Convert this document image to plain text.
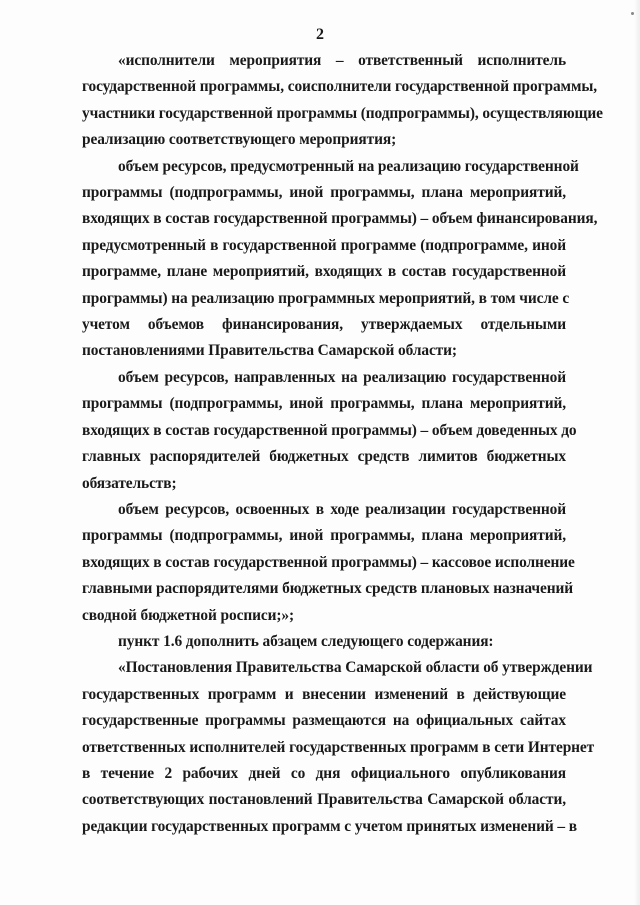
2
«исполнители мероприятия – ответственный исполнитель
государственной программы, соисполнители государственной программы,
участники государственной программы (подпрограммы), осуществляющие
реализацию соответствующего мероприятия;
объем ресурсов, предусмотренный на реализацию государственной
программы (подпрограммы, иной программы, плана мероприятий,
входящих в состав государственной программы) – объем финансирования,
предусмотренный в государственной программе (подпрограмме, иной
программе, плане мероприятий, входящих в состав государственной
программы) на реализацию программных мероприятий, в том числе с
учетом объемов финансирования, утверждаемых отдельными
постановлениями Правительства Самарской области;
объем ресурсов, направленных на реализацию государственной
программы (подпрограммы, иной программы, плана мероприятий,
входящих в состав государственной программы) – объем доведенных до
главных распорядителей бюджетных средств лимитов бюджетных
обязательств;
объем ресурсов, освоенных в ходе реализации государственной
программы (подпрограммы, иной программы, плана мероприятий,
входящих в состав государственной программы) – кассовое исполнение
главными распорядителями бюджетных средств плановых назначений
сводной бюджетной росписи;»;
пункт 1.6 дополнить абзацем следующего содержания:
«Постановления Правительства Самарской области об утверждении
государственных программ и внесении изменений в действующие
государственные программы размещаются на официальных сайтах
ответственных исполнителей государственных программ в сети Интернет
в течение 2 рабочих дней со дня официального опубликования
соответствующих постановлений Правительства Самарской области,
редакции государственных программ с учетом принятых изменений – в
